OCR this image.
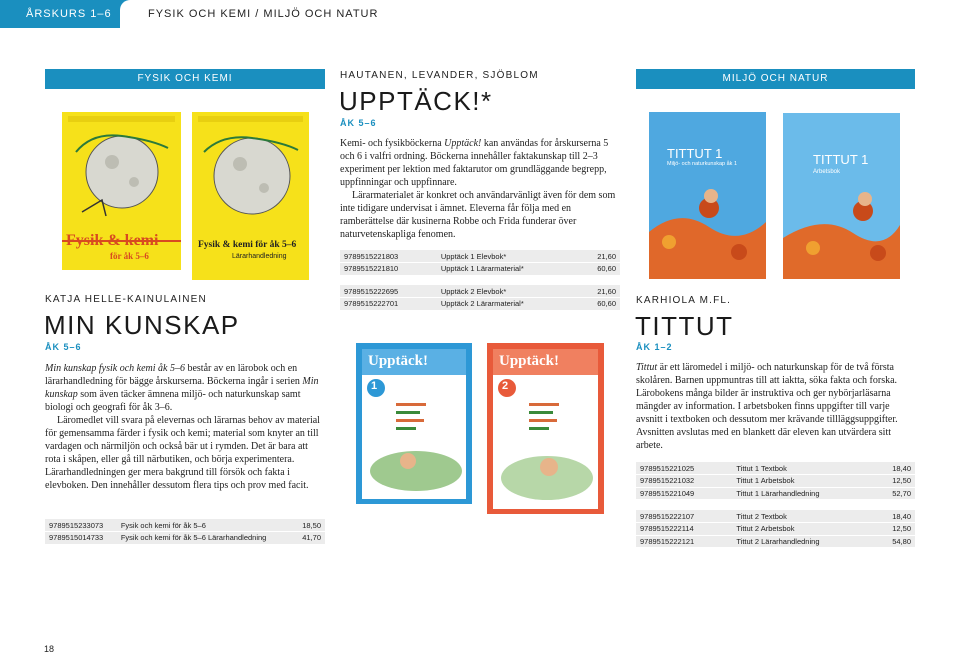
ÅRSKURS 1–6	FYSIK OCH KEMI / MILJÖ OCH NATUR
FYSIK OCH KEMI	MILJÖ OCH NATUR
Fysik & kemi
för åk 5–6
Fysik & kemi för åk 5–6
Lärarhandledning
KATJA HELLE-KAINULAINEN
MIN KUNSKAP
ÅK 5–6

Min kunskap fysik och kemi åk 5–6 består av en lärobok och en lärarhandledning för bägge årskurserna. Böckerna ingår i serien Min kunskap som även täcker ämnena miljö- och naturkunskap samt biologi och geografi för åk 3–6.

Läromedlet vill svara på elevernas och lärarnas behov av material för gemensamma färder i fysik och kemi; material som knyter an till vardagen och närmiljön och också bär ut i rymden. Det är bara att rota i skåpen, eller gå till närbutiken, och börja experimentera. Lärarhandledningen ger mera bakgrund till försök och fakta i elevboken. Den innehåller dessutom flera tips och prov med facit.

9789515233073	Fysik och kemi för åk 5–6	18,50
9789515014733	Fysik och kemi för åk 5–6 Lärarhandledning	41,70
HAUTANEN, LEVANDER, SJÖBLOM
UPPTÄCK!*
ÅK 5–6

Kemi- och fysikböckerna Upptäck! kan användas for årskurserna 5 och 6 i valfri ordning. Böckerna innehåller faktakunskap till 2–3 experiment per lektion med faktarutor om grundläggande begrepp, uppfinningar och uppfinnare.

Lärarmaterialet är konkret och användarvänligt även för dem som inte tidigare undervisat i ämnet. Eleverna får följa med en ramberättelse där kusinerna Robbe och Frida funderar över naturvetenskapliga fenomen.

9789515221803	Upptäck 1 Elevbok*	21,60
9789515221810	Upptäck 1 Lärarmaterial*	60,60
9789515222695	Upptäck 2 Elevbok*	21,60
9789515222701	Upptäck 2 Lärarmaterial*	60,60
Upptäck!
1
Upptäck!
2
TITTUT 1
Miljö- och naturkunskap åk 1	TITTUT 1
Arbetsbok
KARHIOLA M.FL.
TITTUT
ÅK 1–2

Tittut är ett läromedel i miljö- och naturkunskap för de två första skolåren. Barnen uppmuntras till att iaktta, söka fakta och forska. Lärobokens många bilder är instruktiva och ger nybörjarläsarna mängder av information. I arbetsboken finns uppgifter till varje avsnitt i textboken och dessutom mer krävande tillläggsuppgifter. Avsnitten avslutas med en blankett där eleven kan utvärdera sitt arbete.

9789515221025	Tittut 1 Textbok	18,40
9789515221032	Tittut 1 Arbetsbok	12,50
9789515221049	Tittut 1 Lärarhandledning	52,70
9789515222107	Tittut 2 Textbok	18,40
9789515222114	Tittut 2 Arbetsbok	12,50
9789515222121	Tittut 2 Lärarhandledning	54,80
18
